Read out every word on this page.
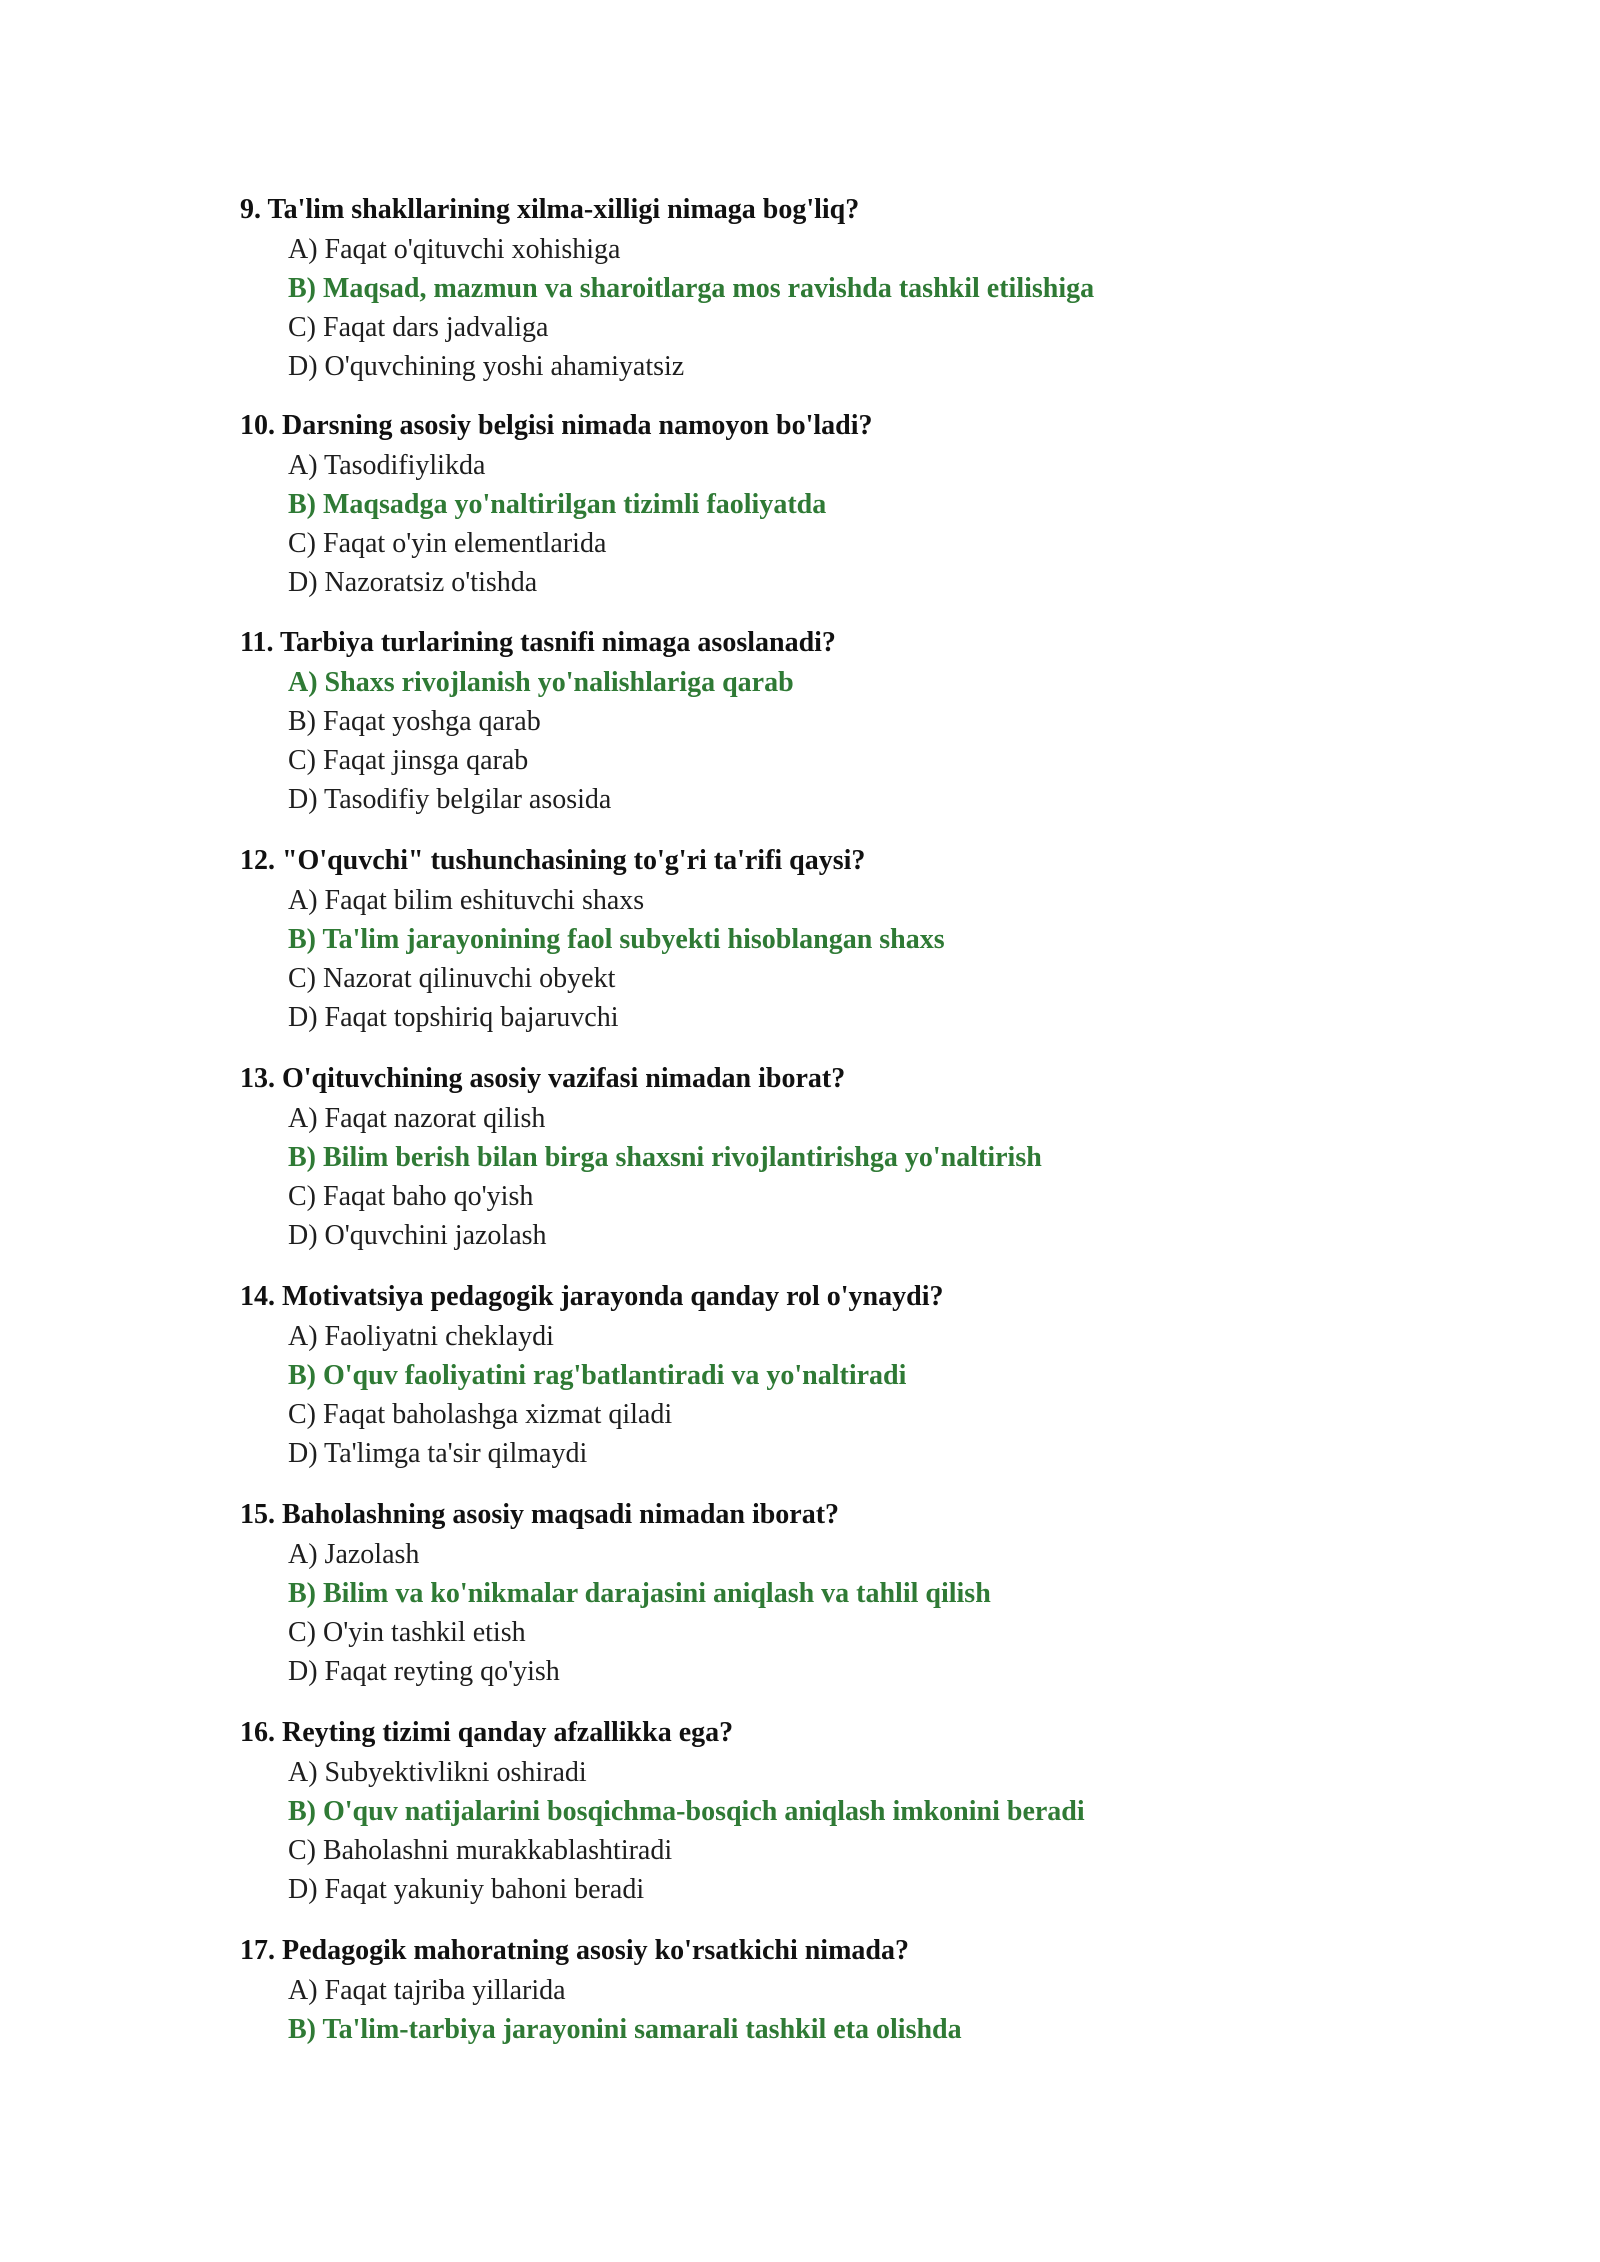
9. Ta'lim shakllarining xilma-xilligi nimaga bog'liq?
A) Faqat o'qituvchi xohishiga
B) Maqsad, mazmun va sharoitlarga mos ravishda tashkil etilishiga
C) Faqat dars jadvaliga
D) O'quvchining yoshi ahamiyatsiz
10. Darsning asosiy belgisi nimada namoyon bo'ladi?
A) Tasodifiylikda
B) Maqsadga yo'naltirilgan tizimli faoliyatda
C) Faqat o'yin elementlarida
D) Nazoratsiz o'tishda
11. Tarbiya turlarining tasnifi nimaga asoslanadi?
A) Shaxs rivojlanish yo'nalishlariga qarab
B) Faqat yoshga qarab
C) Faqat jinsga qarab
D) Tasodifiy belgilar asosida
12. "O'quvchi" tushunchasining to'g'ri ta'rifi qaysi?
A) Faqat bilim eshituvchi shaxs
B) Ta'lim jarayonining faol subyekti hisoblangan shaxs
C) Nazorat qilinuvchi obyekt
D) Faqat topshiriq bajaruvchi
13. O'qituvchining asosiy vazifasi nimadan iborat?
A) Faqat nazorat qilish
B) Bilim berish bilan birga shaxsni rivojlantirishga yo'naltirish
C) Faqat baho qo'yish
D) O'quvchini jazolash
14. Motivatsiya pedagogik jarayonda qanday rol o'ynaydi?
A) Faoliyatni cheklaydi
B) O'quv faoliyatini rag'batlantiradi va yo'naltiradi
C) Faqat baholashga xizmat qiladi
D) Ta'limga ta'sir qilmaydi
15. Baholashning asosiy maqsadi nimadan iborat?
A) Jazolash
B) Bilim va ko'nikmalar darajasini aniqlash va tahlil qilish
C) O'yin tashkil etish
D) Faqat reyting qo'yish
16. Reyting tizimi qanday afzallikka ega?
A) Subyektivlikni oshiradi
B) O'quv natijalarini bosqichma-bosqich aniqlash imkonini beradi
C) Baholashni murakkablashtiradi
D) Faqat yakuniy bahoni beradi
17. Pedagogik mahoratning asosiy ko'rsatkichi nimada?
A) Faqat tajriba yillarida
B) Ta'lim-tarbiya jarayonini samarali tashkil eta olishda
